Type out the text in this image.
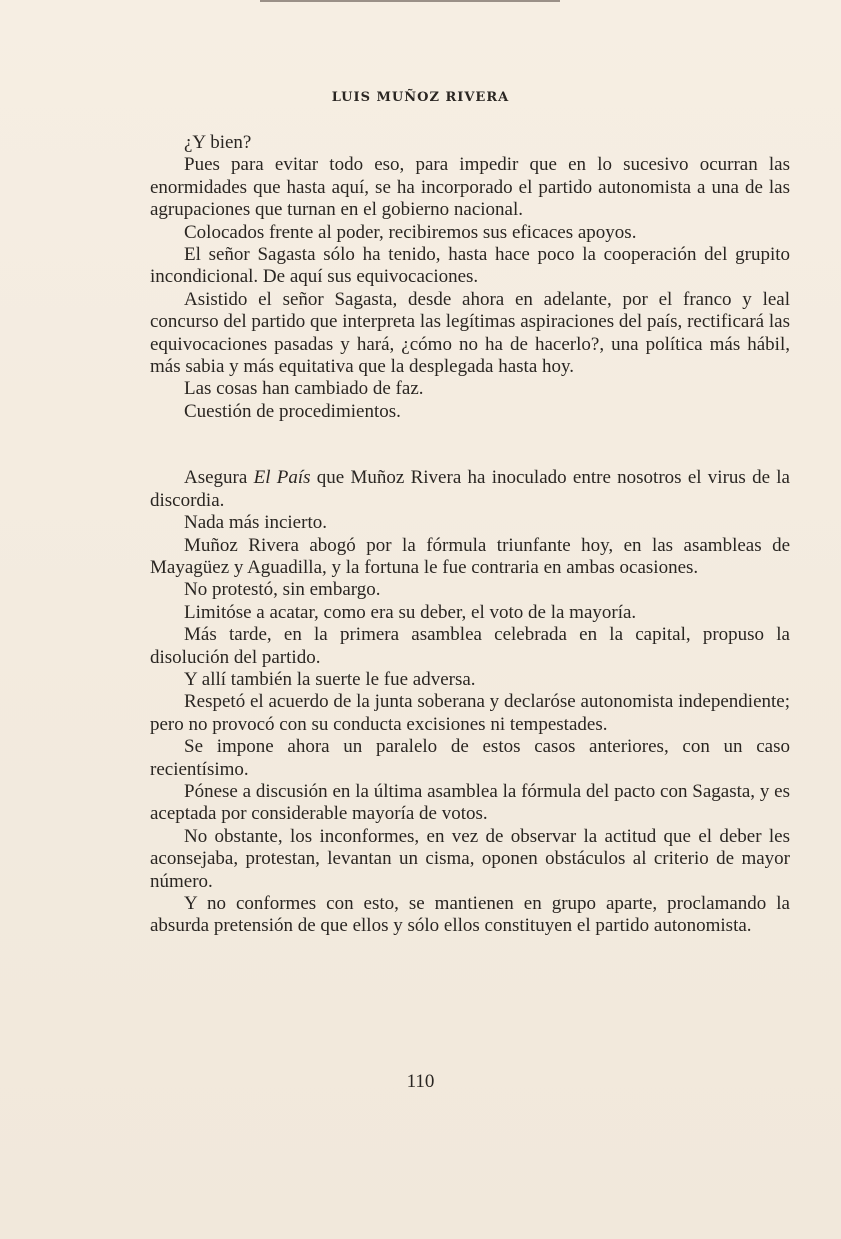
LUIS MUÑOZ RIVERA

¿Y bien?

Pues para evitar todo eso, para impedir que en lo sucesivo ocurran las enormidades que hasta aquí, se ha incorporado el partido autonomista a una de las agrupaciones que turnan en el gobierno nacional.

Colocados frente al poder, recibiremos sus eficaces apoyos.

El señor Sagasta sólo ha tenido, hasta hace poco la cooperación del grupito incondicional. De aquí sus equivocaciones.

Asistido el señor Sagasta, desde ahora en adelante, por el franco y leal concurso del partido que interpreta las legítimas aspiraciones del país, rectificará las equivocaciones pasadas y hará, ¿cómo no ha de hacerlo?, una política más hábil, más sabia y más equitativa que la desplegada hasta hoy.

Las cosas han cambiado de faz.

Cuestión de procedimientos.

Asegura El País que Muñoz Rivera ha inoculado entre nosotros el virus de la discordia.

Nada más incierto.

Muñoz Rivera abogó por la fórmula triunfante hoy, en las asambleas de Mayagüez y Aguadilla, y la fortuna le fue contraria en ambas ocasiones.

No protestó, sin embargo.

Limitóse a acatar, como era su deber, el voto de la mayoría.

Más tarde, en la primera asamblea celebrada en la capital, propuso la disolución del partido.

Y allí también la suerte le fue adversa.

Respetó el acuerdo de la junta soberana y declaróse autonomista independiente; pero no provocó con su conducta excisiones ni tempestades.

Se impone ahora un paralelo de estos casos anteriores, con un caso recientísimo.

Pónese a discusión en la última asamblea la fórmula del pacto con Sagasta, y es aceptada por considerable mayoría de votos.

No obstante, los inconformes, en vez de observar la actitud que el deber les aconsejaba, protestan, levantan un cisma, oponen obstáculos al criterio de mayor número.

Y no conformes con esto, se mantienen en grupo aparte, proclamando la absurda pretensión de que ellos y sólo ellos constituyen el partido autonomista.

110
